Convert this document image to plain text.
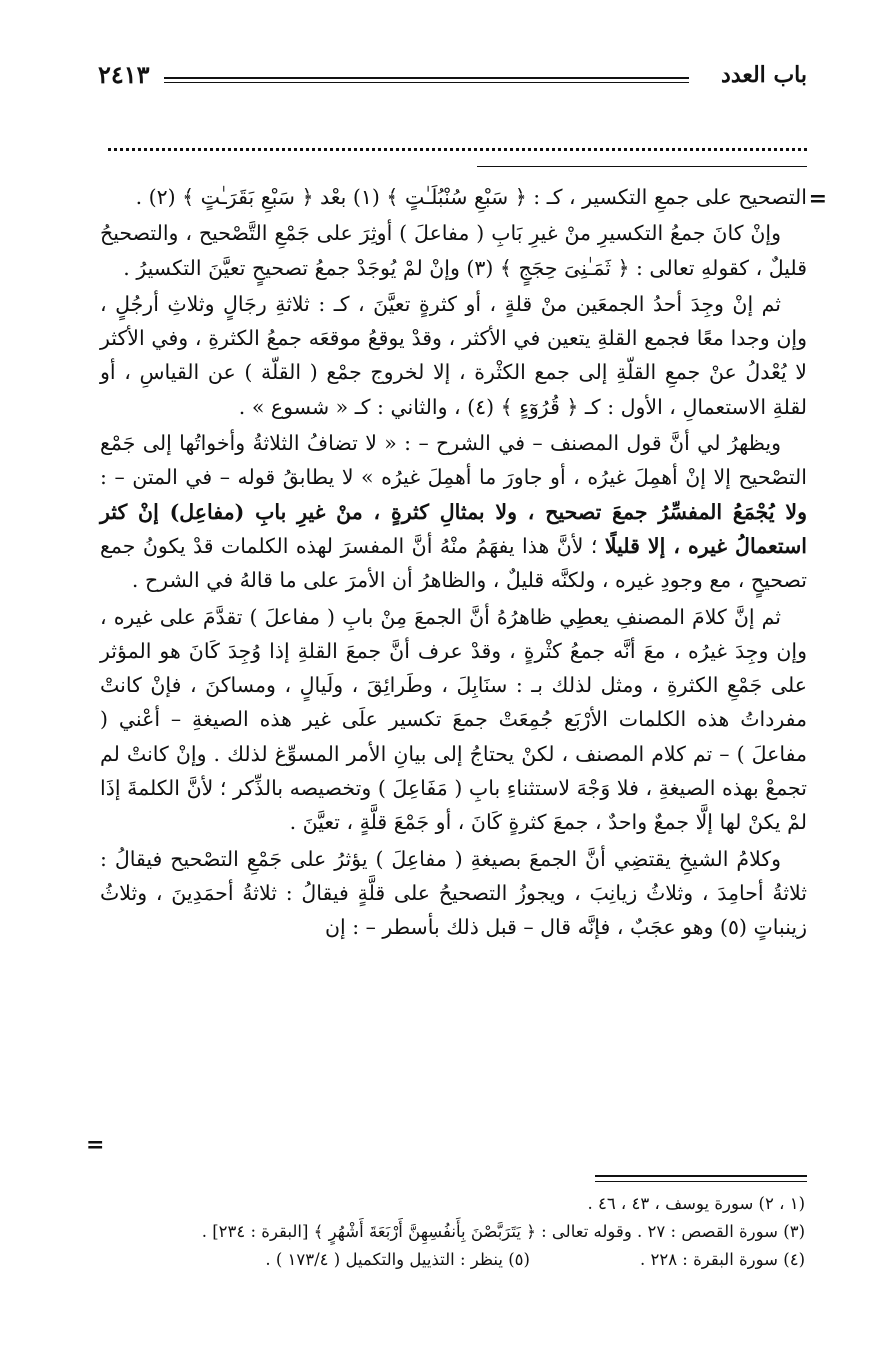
باب العدد
٢٤١٣
=

التصحيح على جمعِ التكسير ، كـ : ﴿ سَبْعِ سُنْبُلَـٰتٍ ﴾ (١) بعْد ﴿ سَبْعِ بَقَرَـٰتٍ ﴾ (٢) .

وإنْ كانَ جمعُ التكسيرِ منْ غيرِ بَابِ ( مفاعلَ ) أوثِرَ على جَمْعِ التَّصْحيح ، والتصحيحُ قليلٌ ، كقولهِ تعالى : ﴿ ثَمَـٰنِىَ حِجَجٍ ﴾ (٣) وإنْ لمْ يُوجَدْ جمعُ تصحيحٍ تعيَّنَ التكسيرُ .

ثم إنْ وجِدَ أحدُ الجمعَين منْ قلةٍ ، أو كثرةٍ تعيَّنَ ، كـ : ثلاثةِ رجَالٍ وثلاثِ أرجُلٍ ، وإن وجدا معًا فجمع القلةِ يتعين في الأكثر ، وقدْ يوقعُ موقعَه جمعُ الكثرةِ ، وفي الأكثر لا يُعْدلُ عنْ جمعِ القلّةِ إلى جمع الكثْرة ، إلا لخروج جمْع ( القلّة ) عن القياسِ ، أو لقلةِ الاستعمالِ ، الأول : كـ ﴿ قُرُوٓءٍ ﴾ (٤) ، والثاني : كـ « شسوع » .

ويظهرُ لي أنَّ قول المصنف – في الشرح – : « لا تضافُ الثلاثةُ وأخواتُها إلى جَمْع التصْحيح إلا إنْ أهمِلَ غيرُه ، أو جاورَ ما أهمِلَ غيرُه » لا يطابقُ قوله – في المتن – : ولا يُجْمَعُ المفسِّرُ جمعَ تصحيح ، ولا بمثالِ كثرةٍ ، منْ غيرِ بابِ (مفاعِل) إنْ كثر استعمالُ غيره ، إلا قليلًا ؛ لأنَّ هذا يفهَمُ منْهُ أنَّ المفسرَ لهذه الكلمات قدْ يكونُ جمع تصحيحٍ ، مع وجودِ غيره ، ولكنَّه قليلٌ ، والظاهرُ أن الأمرَ على ما قالهُ في الشرح .

ثم إنَّ كلامَ المصنفِ يعطِي ظاهرُهُ أنَّ الجمعَ مِنْ بابِ ( مفاعلَ ) تقدَّمَ على غيره ، وإن وجِدَ غيرُه ، معَ أنَّه جمعُ كثْرةٍ ، وقدْ عرف أنَّ جمعَ القلةِ إذا وُجِدَ كَانَ هو المؤثر على جَمْعِ الكثرةِ ، ومثل لذلك بـ : سنَابِلَ ، وطَرائِقَ ، ولَيالٍ ، ومساكنَ ، فإنْ كانتْ مفرداتُ هذه الكلمات الأرْبَع جُمِعَتْ جمعَ تكسير علَى غير هذه الصيغةِ – أعْني ( مفاعلَ ) – تم كلام المصنف ، لكنْ يحتاجُ إلى بيانِ الأمر المسوِّغ لذلك . وإنْ كانتْ لم تجمعْ بهذه الصيغةِ ، فلا وَجْهَ لاستثناءِ بابِ ( مَفَاعِلَ ) وتخصيصه بالذِّكر ؛ لأنَّ الكلمةَ إذَا لمْ يكنْ لها إلَّا جمعٌ واحدٌ ، جمعَ كثرةٍ كَانَ ، أو جَمْعَ قلَّةٍ ، تعيَّنَ .

وكلامُ الشيخِ يقتضِي أنَّ الجمعَ بصيغةِ ( مفاعِلَ ) يؤثرُ على جَمْعِ التصْحيح فيقالُ : ثلاثةُ أحامِدَ ، وثلاثُ زيانِبَ ، ويجوزُ التصحيحُ على قلَّةٍ فيقالُ : ثلاثةُ أحمَدِينَ ، وثلاثُ زينباتٍ (٥) وهو عجَبٌ ، فإنَّه قال – قبل ذلك بأسطر – : إن

=
(١ ، ٢) سورة يوسف ، ٤٣ ، ٤٦ .
(٣) سورة القصص : ٢٧ . وقوله تعالى : ﴿ يَتَرَبَّصْنَ بِأَنفُسِهِنَّ أَرْبَعَةَ أَشْهُرٍ ﴾ [البقرة : ٢٣٤] .
(٤) سورة البقرة : ٢٢٨ .
(٥) ينظر : التذييل والتكميل ( ١٧٣/٤ ) .
